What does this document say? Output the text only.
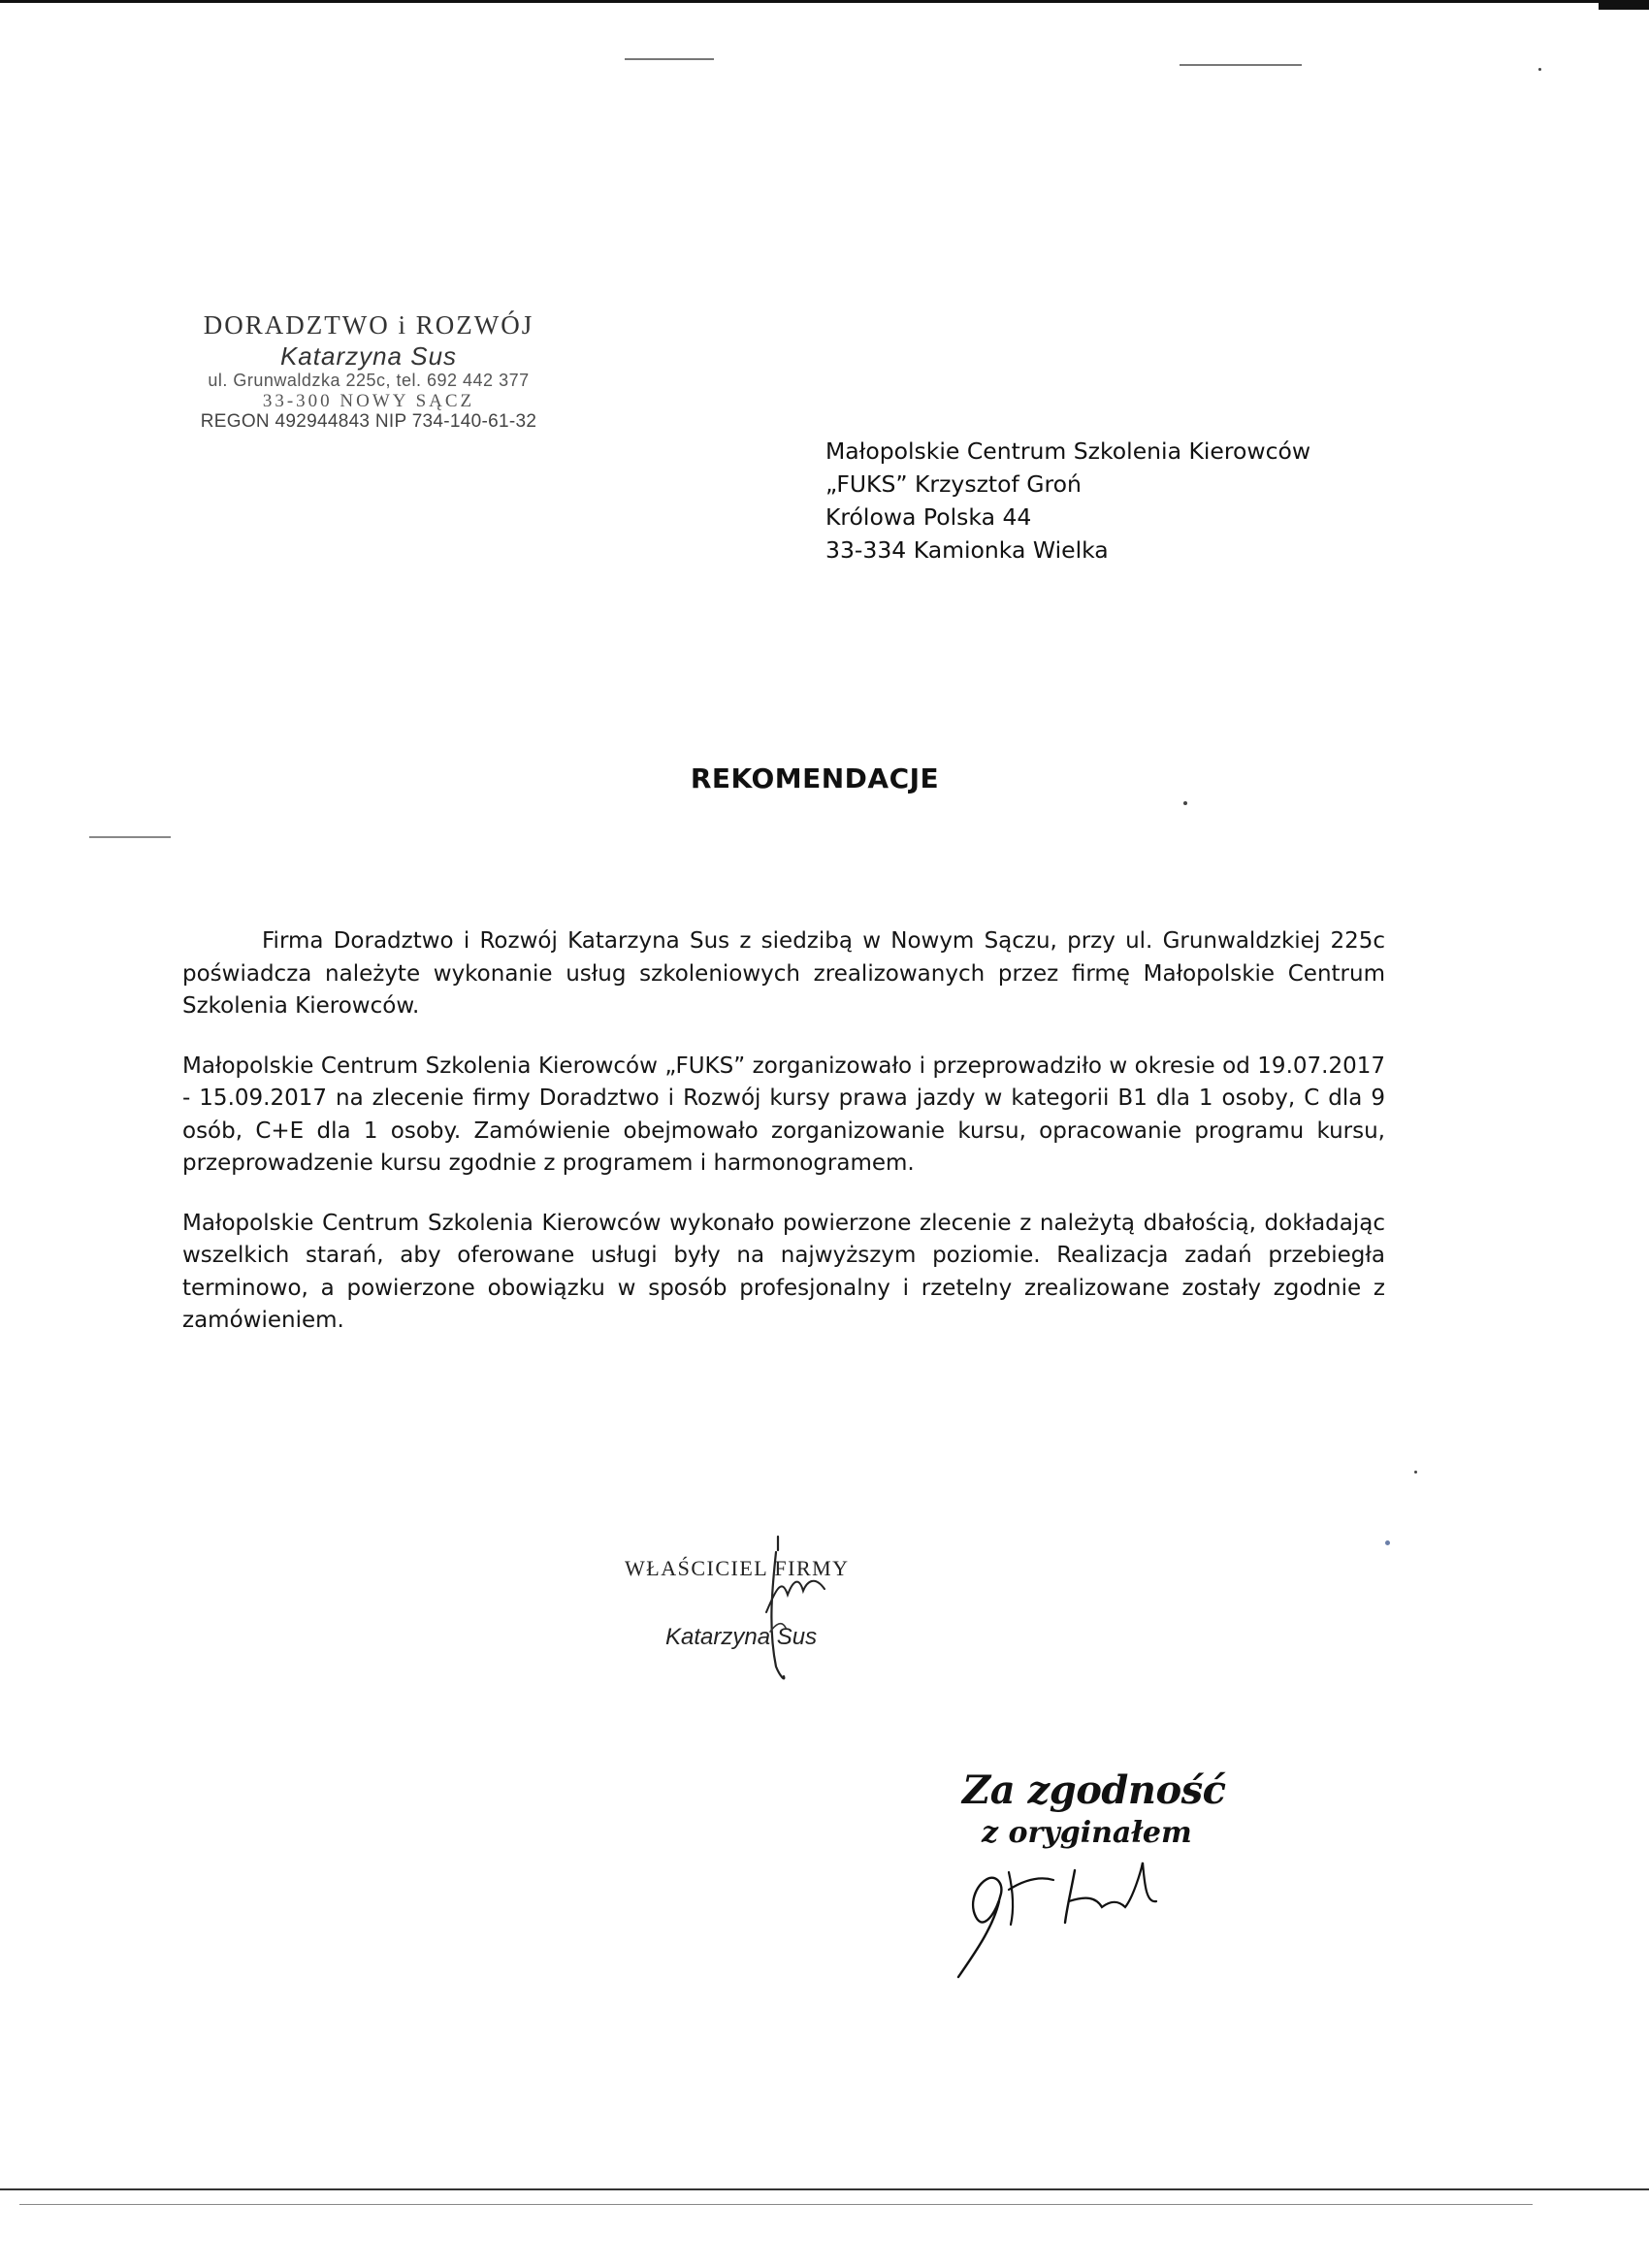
DORADZTWO i ROZWÓJ
Katarzyna Sus
ul. Grunwaldzka 225c, tel. 692 442 377
33-300 NOWY SĄCZ
REGON 492944843 NIP 734-140-61-32
Małopolskie Centrum Szkolenia Kierowców
„FUKS” Krzysztof Groń
Królowa Polska 44
33-334 Kamionka Wielka
REKOMENDACJE

Firma Doradztwo i Rozwój Katarzyna Sus z siedzibą w Nowym Sączu, przy ul. Grunwaldzkiej 225c poświadcza należyte wykonanie usług szkoleniowych zrealizowanych przez firmę Małopolskie Centrum Szkolenia Kierowców.

Małopolskie Centrum Szkolenia Kierowców „FUKS” zorganizowało i przeprowadziło w okresie od 19.07.2017 - 15.09.2017 na zlecenie firmy Doradztwo i Rozwój kursy prawa jazdy w kategorii B1 dla 1 osoby, C dla 9 osób, C+E dla 1 osoby. Zamówienie obejmowało zorganizowanie kursu, opracowanie programu kursu, przeprowadzenie kursu zgodnie z programem i harmonogramem.

Małopolskie Centrum Szkolenia Kierowców wykonało powierzone zlecenie z należytą dbałością, dokładając wszelkich starań, aby oferowane usługi były na najwyższym poziomie. Realizacja zadań przebiegła terminowo, a powierzone obowiązku w sposób profesjonalny i rzetelny zrealizowane zostały zgodnie z zamówieniem.

WŁAŚCICIEL FIRMY
Katarzyna Sus
Za zgodność
z oryginałem
